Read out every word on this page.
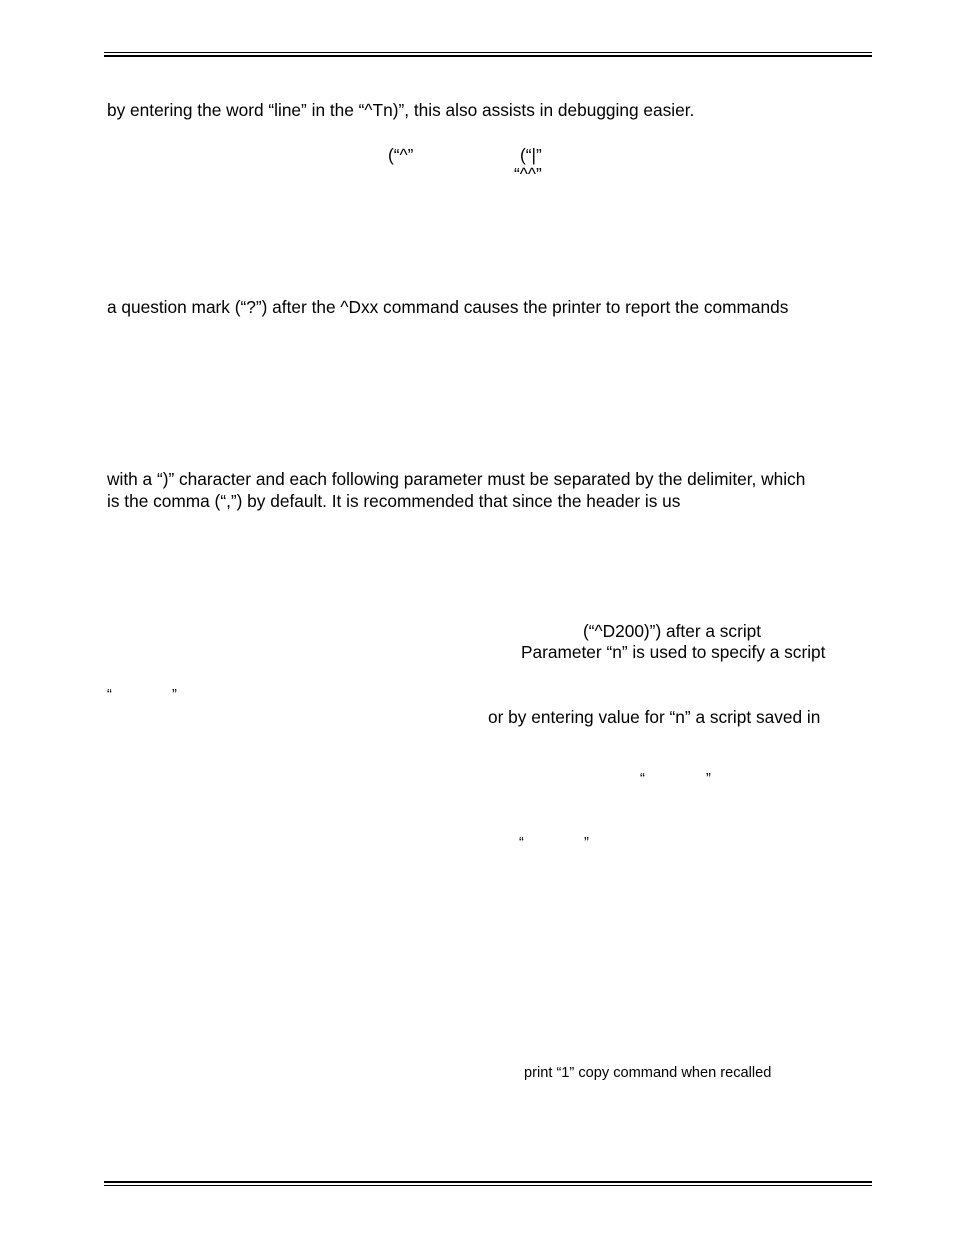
by entering the word “line” in the “^Tn)”, this also assists in debugging easier.
(“^”	(“|”
“^^”
a question mark (“?”) after the ^Dxx command causes the printer to report the commands
with a “)” character and each following parameter must be separated by the delimiter, which
is the comma (“,”) by default. It is recommended that since the header is us
(“^D200)”) after a script
Parameter “n” is used to specify a script
“	”
or by entering value for “n” a script saved in
“	”
“	”
print “1” copy command when recalled
